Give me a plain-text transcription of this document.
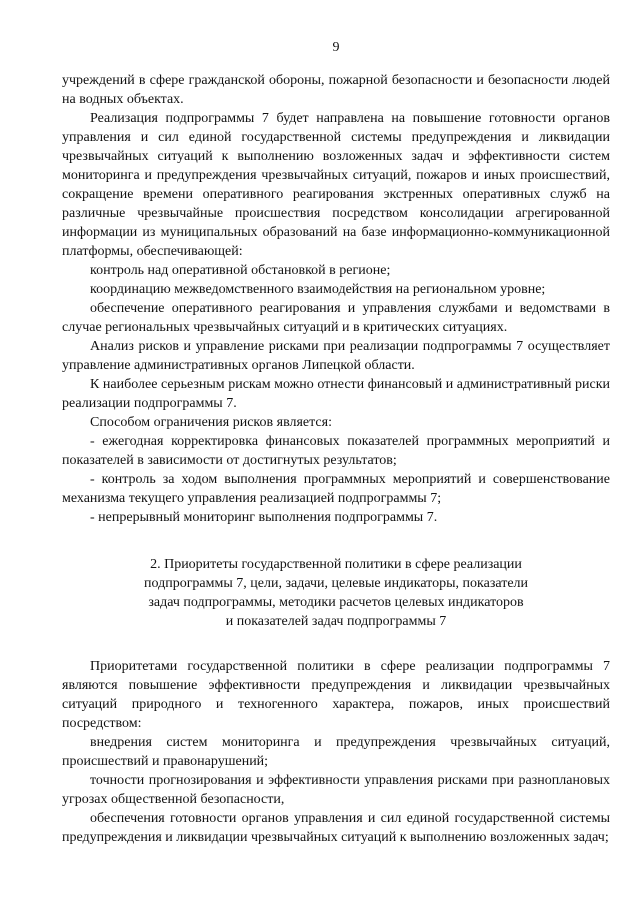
9

учреждений в сфере гражданской обороны, пожарной безопасности и безопасности людей на водных объектах.

Реализация подпрограммы 7 будет направлена на повышение готовности органов управления и сил единой государственной системы предупреждения и ликвидации чрезвычайных ситуаций к выполнению возложенных задач и эффективности систем мониторинга и предупреждения чрезвычайных ситуаций, пожаров и иных происшествий, сокращение времени оперативного реагирования экстренных оперативных служб на различные чрезвычайные происшествия посредством консолидации агрегированной информации из муниципальных образований на базе информационно-коммуникационной платформы, обеспечивающей:

контроль над оперативной обстановкой в регионе;

координацию межведомственного взаимодействия на региональном уровне;

обеспечение оперативного реагирования и управления службами и ведомствами в случае региональных чрезвычайных ситуаций и в критических ситуациях.

Анализ рисков и управление рисками при реализации подпрограммы 7 осуществляет управление административных органов Липецкой области.

К наиболее серьезным рискам можно отнести финансовый и административный риски реализации подпрограммы 7.

Способом ограничения рисков является:

- ежегодная корректировка финансовых показателей программных мероприятий и показателей в зависимости от достигнутых результатов;

- контроль за ходом выполнения программных мероприятий и совершенствование механизма текущего управления реализацией подпрограммы 7;

- непрерывный мониторинг выполнения подпрограммы 7.

2. Приоритеты государственной политики в сфере реализации
подпрограммы 7, цели, задачи, целевые индикаторы, показатели
задач подпрограммы, методики расчетов целевых индикаторов
и показателей задач подпрограммы 7

Приоритетами государственной политики в сфере реализации подпрограммы 7 являются повышение эффективности предупреждения и ликвидации чрезвычайных ситуаций природного и техногенного характера, пожаров, иных происшествий посредством:

внедрения систем мониторинга и предупреждения чрезвычайных ситуаций, происшествий и правонарушений;

точности прогнозирования и эффективности управления рисками при разноплановых угрозах общественной безопасности,

обеспечения готовности органов управления и сил единой государственной системы предупреждения и ликвидации чрезвычайных ситуаций к выполнению возложенных задач;
